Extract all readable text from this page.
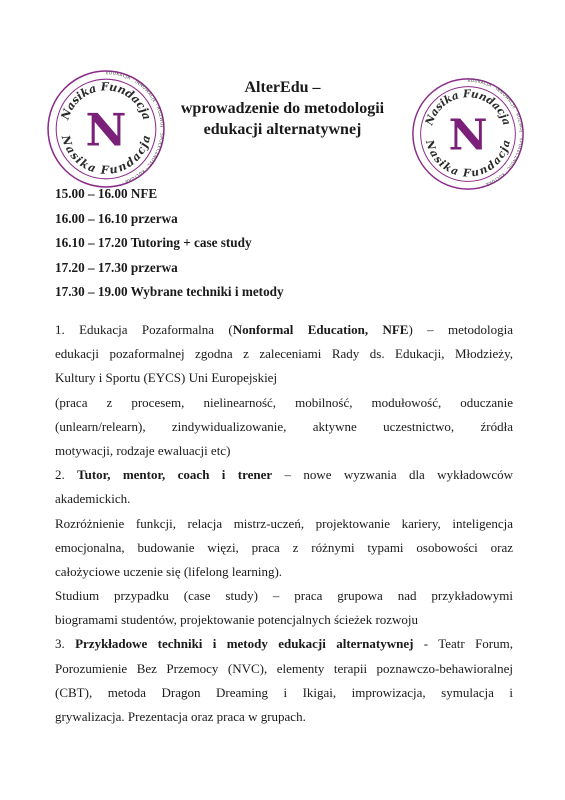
EDUKACJA · INNOWACJE · ROZWÓJ · SPOŁECZNOŚĆ · KULTURA ·
Nasika Fundacja
Nasika Fundacja
N
EDUKACJA · INNOWACJE · ROZWÓJ · SPOŁECZNOŚĆ · KULTURA ·
Nasika Fundacja
Nasika Fundacja
N
AlterEdu –
wprowadzenie do metodologii
edukacji alternatywnej
15.00 – 16.00 NFE
16.00 – 16.10 przerwa
16.10 – 17.20 Tutoring + case study
17.20 – 17.30 przerwa
17.30 – 19.00 Wybrane techniki i metody
1. Edukacja Pozaformalna (Nonformal Education, NFE) – metodologia
edukacji pozaformalnej zgodna z zaleceniami Rady ds. Edukacji, Młodzieży,
Kultury i Sportu (EYCS) Uni Europejskiej
(praca z procesem, nielinearność, mobilność, modułowość, oduczanie
(unlearn/relearn), zindywidualizowanie, aktywne uczestnictwo, źródła
motywacji, rodzaje ewaluacji etc)
2. Tutor, mentor, coach i trener – nowe wyzwania dla wykładowców
akademickich.
Rozróżnienie funkcji, relacja mistrz-uczeń, projektowanie kariery, inteligencja
emocjonalna, budowanie więzi, praca z różnymi typami osobowości oraz
całożyciowe uczenie się (lifelong learning).
Studium przypadku (case study) – praca grupowa nad przykładowymi
biogramami studentów, projektowanie potencjalnych ścieżek rozwoju
3. Przykładowe techniki i metody edukacji alternatywnej - Teatr Forum,
Porozumienie Bez Przemocy (NVC), elementy terapii poznawczo-behawioralnej
(CBT), metoda Dragon Dreaming i Ikigai, improwizacja, symulacja i
grywalizacja. Prezentacja oraz praca w grupach.
